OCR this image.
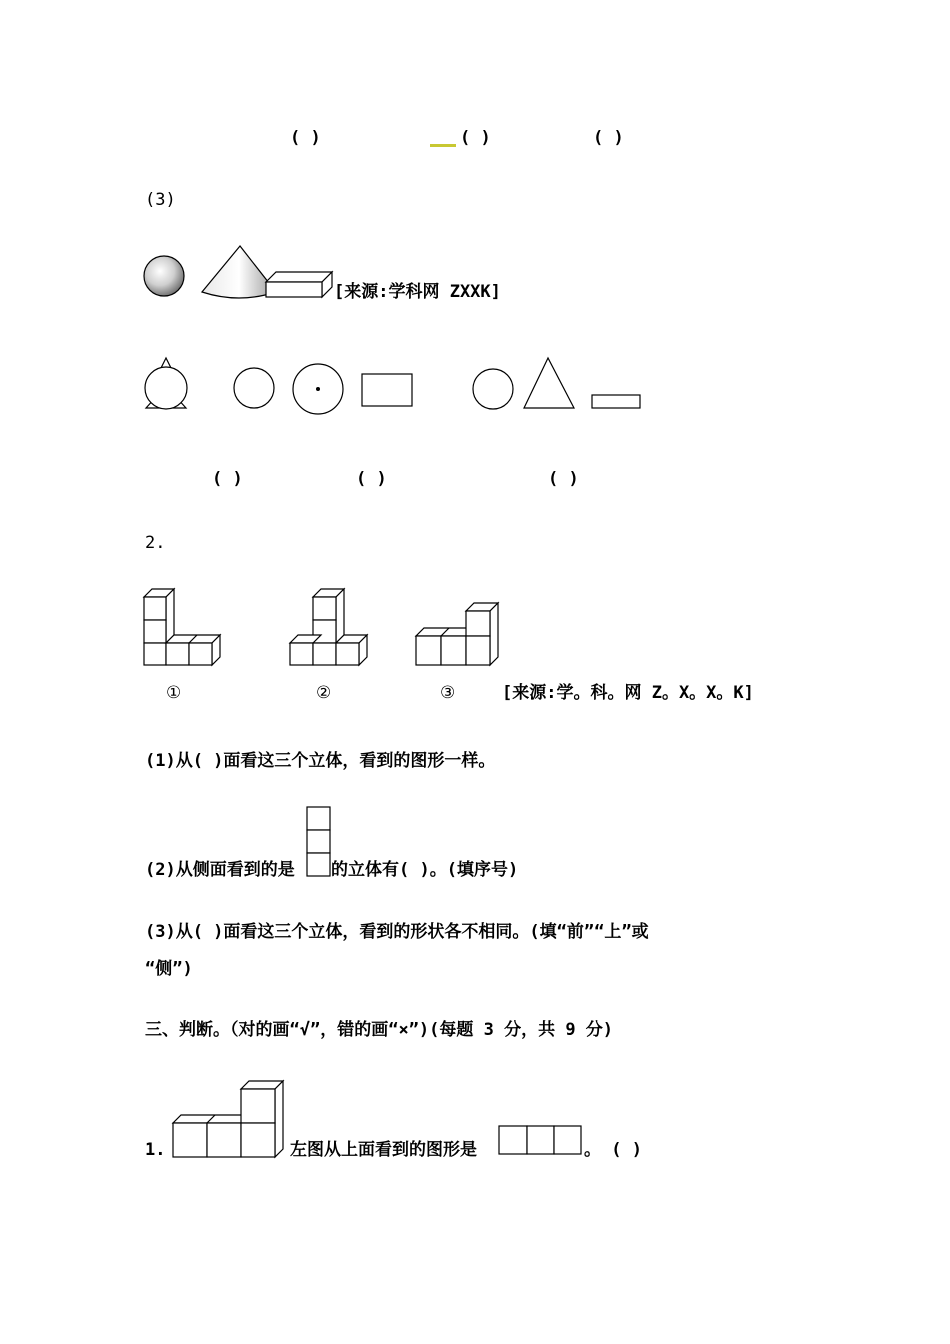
( )	( )	( )
(3)
[来源:学科网 ZXXK]
( )	( )	( )
2.
①	②	③	[来源:学。科。网 Z。X。X。K]
(1)从( )面看这三个立体，看到的图形一样。
(2)从侧面看到的是 的立体有( )。(填序号)
(3)从( )面看这三个立体，看到的形状各不相同。(填“前”“上”或
“侧”)
三、判断。（对的画“√”，错的画“×”)(每题 3 分，共 9 分)
1.	左图从上面看到的图形是	。 ( )
